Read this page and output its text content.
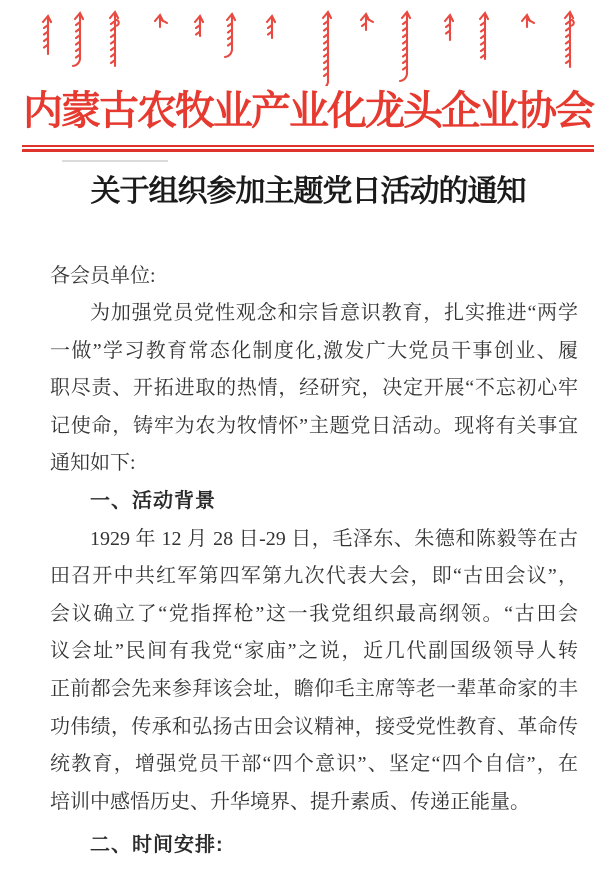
内蒙古农牧业产业化龙头企业协会
关于组织参加主题党日活动的通知
各会员单位:
为加强党员党性观念和宗旨意识教育，扎实推进“两学
一做”学习教育常态化制度化,激发广大党员干事创业、履
职尽责、开拓进取的热情，经研究，决定开展“不忘初心牢
记使命，铸牢为农为牧情怀”主题党日活动。现将有关事宜
通知如下:
一、活动背景
1929 年 12 月 28 日-29 日，毛泽东、朱德和陈毅等在古
田召开中共红军第四军第九次代表大会，即“古田会议”，
会议确立了“党指挥枪”这一我党组织最高纲领。“古田会
议会址”民间有我党“家庙”之说，近几代副国级领导人转
正前都会先来参拜该会址，瞻仰毛主席等老一辈革命家的丰
功伟绩，传承和弘扬古田会议精神，接受党性教育、革命传
统教育，增强党员干部“四个意识”、坚定“四个自信”，在
培训中感悟历史、升华境界、提升素质、传递正能量。
二、时间安排:
